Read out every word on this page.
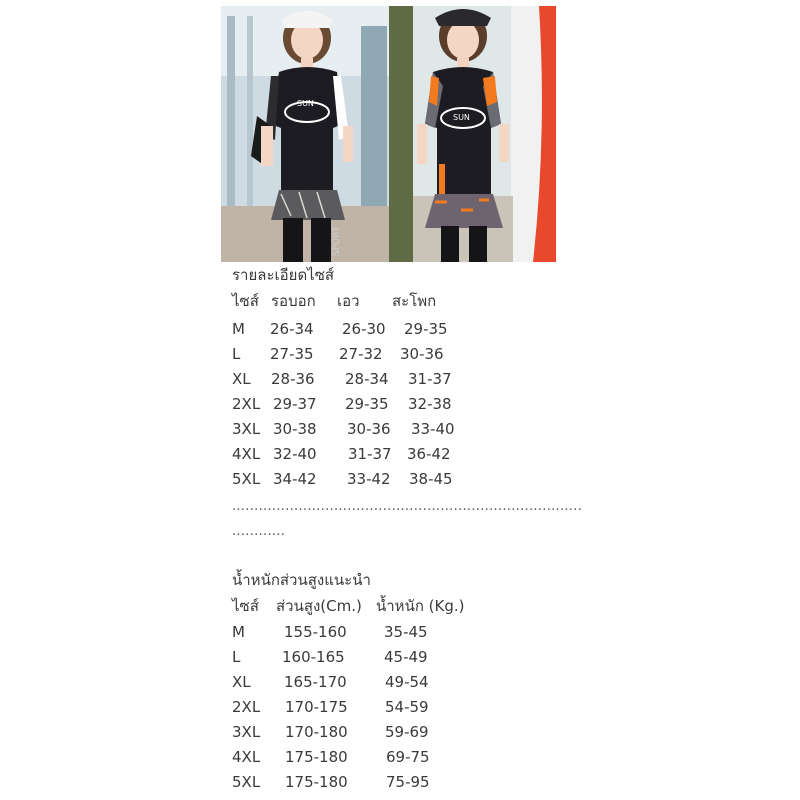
SUN
SPORT
SUN
รายละเอียดไซส์
ไซส์ รอบอก เอว สะโพก
M 26-34 26-30 29-35
L 27-35 27-32 30-36
XL 28-36 28-34 31-37
2XL 29-37 29-35 32-38
3XL 30-38 30-36 33-40
4XL 32-40 31-37 36-42
5XL 34-42 33-42 38-45
...............................................................................
............
น้ำหนักส่วนสูงแนะนำ
ไซส์ ส่วนสูง(Cm.) น้ำหนัก (Kg.)
M	155-160 35-45
L	160-165	45-49
XL 165-170	49-54
2XL 170-175 54-59
3XL 170-180 59-69
4XL 175-180	69-75
5XL 175-180	75-95
